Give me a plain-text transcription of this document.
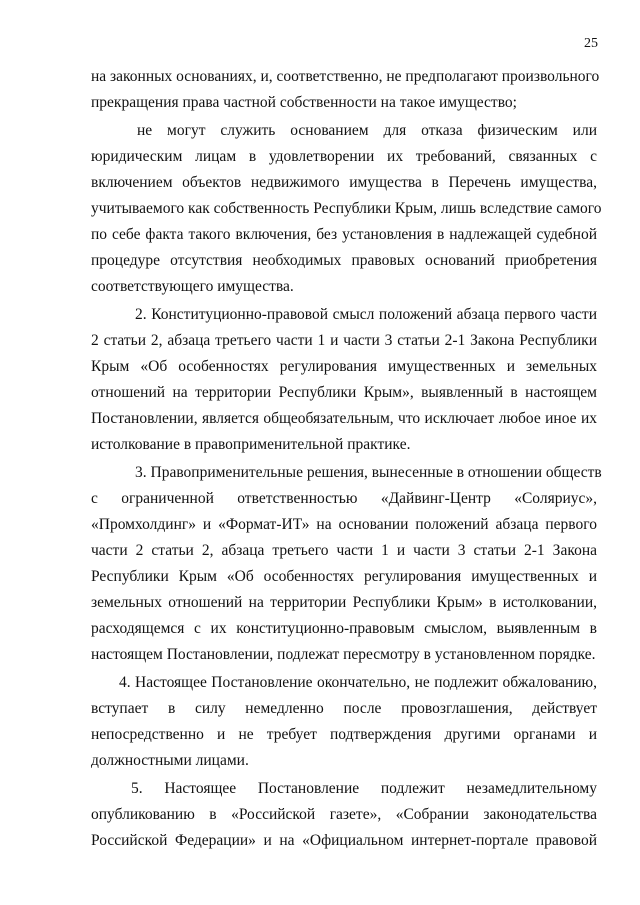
25
на законных основаниях, и, соответственно, не предполагают произвольного
прекращения права частной собственности на такое имущество;
не могут служить основанием для отказа физическим или
юридическим лицам в удовлетворении их требований, связанных с
включением объектов недвижимого имущества в Перечень имущества,
учитываемого как собственность Республики Крым, лишь вследствие самого
по себе факта такого включения, без установления в надлежащей судебной
процедуре отсутствия необходимых правовых оснований приобретения
соответствующего имущества.
2. Конституционно-правовой смысл положений абзаца первого части
2 статьи 2, абзаца третьего части 1 и части 3 статьи 2-1 Закона Республики
Крым «Об особенностях регулирования имущественных и земельных
отношений на территории Республики Крым», выявленный в настоящем
Постановлении, является общеобязательным, что исключает любое иное их
истолкование в правоприменительной практике.
3. Правоприменительные решения, вынесенные в отношении обществ
с ограниченной ответственностью «Дайвинг-Центр «Соляриус»,
«Промхолдинг» и «Формат-ИТ» на основании положений абзаца первого
части 2 статьи 2, абзаца третьего части 1 и части 3 статьи 2-1 Закона
Республики Крым «Об особенностях регулирования имущественных и
земельных отношений на территории Республики Крым» в истолковании,
расходящемся с их конституционно-правовым смыслом, выявленным в
настоящем Постановлении, подлежат пересмотру в установленном порядке.
4. Настоящее Постановление окончательно, не подлежит обжалованию,
вступает в силу немедленно после провозглашения, действует
непосредственно и не требует подтверждения другими органами и
должностными лицами.
5. Настоящее Постановление подлежит незамедлительному
опубликованию в «Российской газете», «Собрании законодательства
Российской Федерации» и на «Официальном интернет-портале правовой
